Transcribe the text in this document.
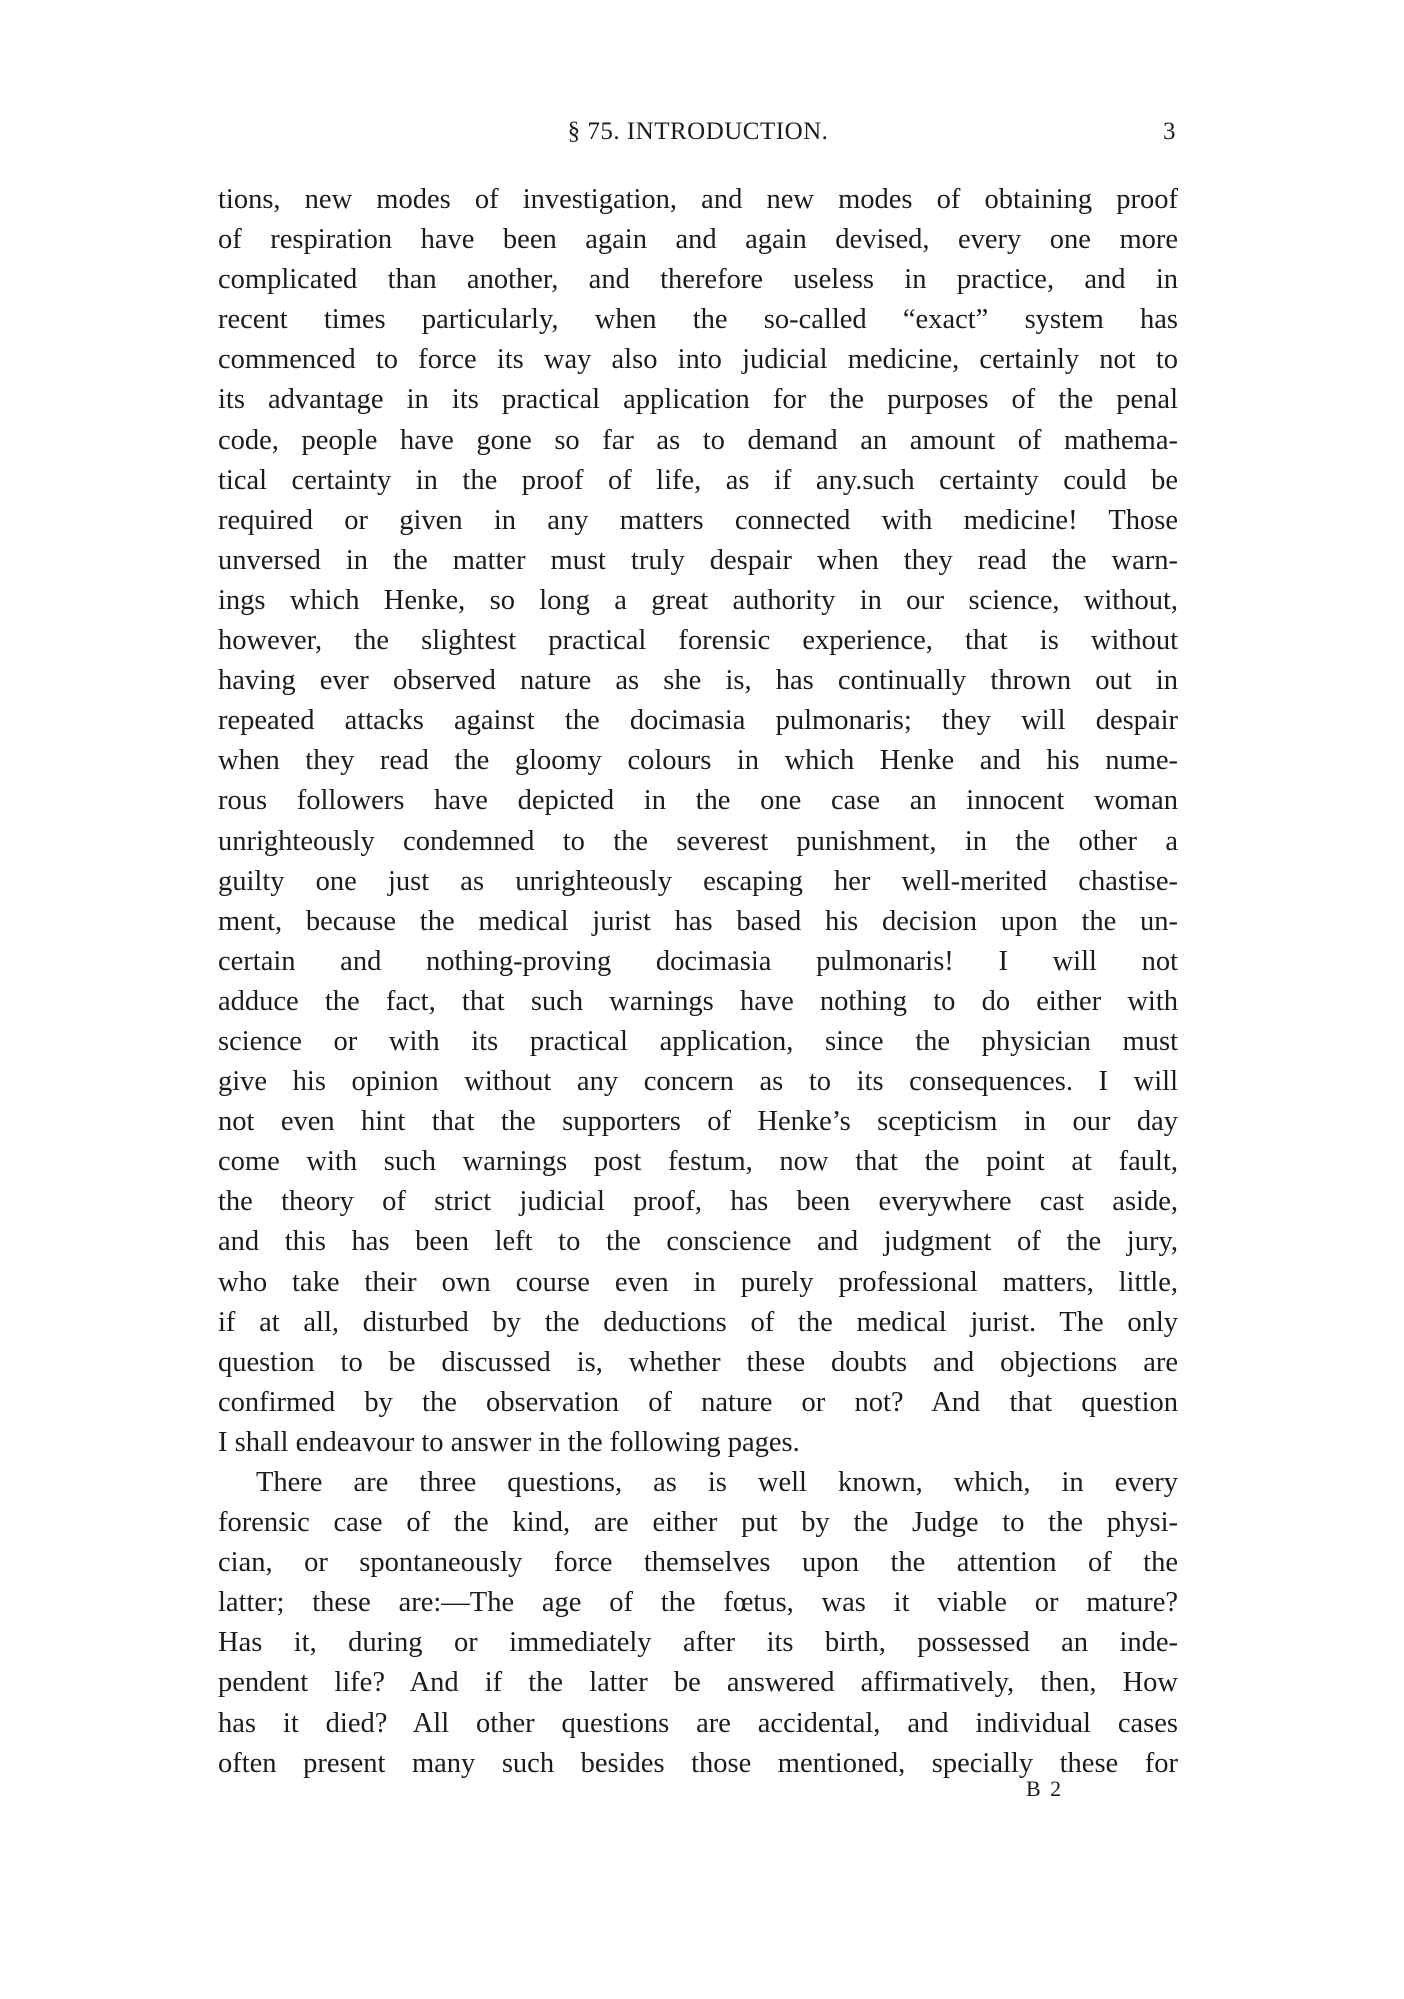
§ 75. INTRODUCTION.	3
tions, new modes of investigation, and new modes of obtaining proof
of respiration have been again and again devised, every one more
complicated than another, and therefore useless in practice, and in
recent times particularly, when the so-called “exact” system has
commenced to force its way also into judicial medicine, certainly not to
its advantage in its practical application for the purposes of the penal
code, people have gone so far as to demand an amount of mathema-
tical certainty in the proof of life, as if any.such certainty could be
required or given in any matters connected with medicine! Those
unversed in the matter must truly despair when they read the warn-
ings which Henke, so long a great authority in our science, without,
however, the slightest practical forensic experience, that is without
having ever observed nature as she is, has continually thrown out in
repeated attacks against the docimasia pulmonaris; they will despair
when they read the gloomy colours in which Henke and his nume-
rous followers have depicted in the one case an innocent woman
unrighteously condemned to the severest punishment, in the other a
guilty one just as unrighteously escaping her well-merited chastise-
ment, because the medical jurist has based his decision upon the un-
certain and nothing-proving docimasia pulmonaris! I will not
adduce the fact, that such warnings have nothing to do either with
science or with its practical application, since the physician must
give his opinion without any concern as to its consequences. I will
not even hint that the supporters of Henke’s scepticism in our day
come with such warnings post festum, now that the point at fault,
the theory of strict judicial proof, has been everywhere cast aside,
and this has been left to the conscience and judgment of the jury,
who take their own course even in purely professional matters, little,
if at all, disturbed by the deductions of the medical jurist. The only
question to be discussed is, whether these doubts and objections are
confirmed by the observation of nature or not? And that question
I shall endeavour to answer in the following pages.
There are three questions, as is well known, which, in every
forensic case of the kind, are either put by the Judge to the physi-
cian, or spontaneously force themselves upon the attention of the
latter; these are:—The age of the fœtus, was it viable or mature?
Has it, during or immediately after its birth, possessed an inde-
pendent life? And if the latter be answered affirmatively, then, How
has it died? All other questions are accidental, and individual cases
often present many such besides those mentioned, specially these for
B 2
